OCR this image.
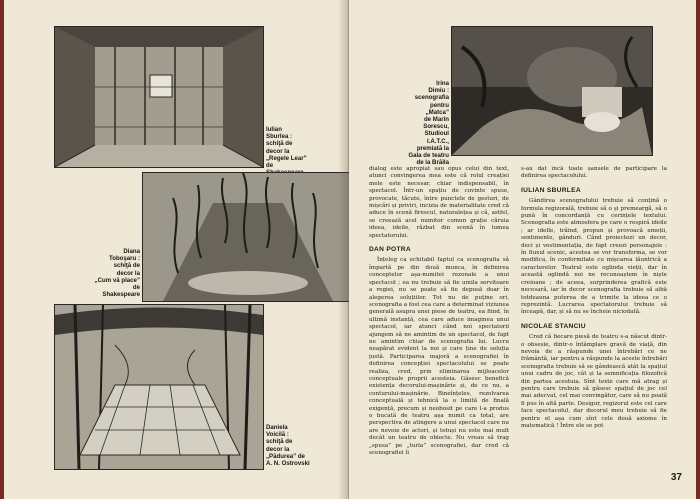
Iulian
Sburlea :
schiţă de
decor la
„Regele Lear”
de
Diana
Toboşaru :
schiţă de
decor la
„Cum vă place”
de
Shakespeare
Daniela
Voicilă :
schiţă de
decor la
„Pădurea” de
A. N. Ostrovski
Irina
Dimiu :
scenografia
pentru
„Matca”
de Marin
Sorescu,
Studioul
I.A.T.C.,
premiată la
Gala de teatru
de la Brăila

dialog este apropiat sau opus celui din text, atunci convingerea mea este că rolul creației mele este necesar, chiar indispensabil, în spectacol. Într-un spațiu de cuvinte spuse, provocate, tăcute, între punctele de gesturi, de mișcări și priviri, inciziа de materialitate cred că aduce în scenă firescul, naturalețea și că, astfel, se creează acel numitor comun grație căruia ideea, ideile, răzbat din scenă în lumea spectatorului.

DAN POTRA

Înțeleg ca echitabil faptul ca scenografia să împartă pe din două munca, în definirea conceptelor așa-numitei rezonale a unui spectacol ; ea nu trebuie să fie umila servitoare a regiei, nu se poate să fie depusă doar în alegerea soluțiilor. Tot nu de puține ori, scenografia a fost cea care a determinat viziunea generală asupra unei piese de teatru, ea fiind, în ultimă instanță, cea care aduce imaginea unui spectacol, iar atunci când noi spectatorii ajungem să ne amintim de un spectacol, de fapt ne amintim chiar de scenografia lui. Lucru neapărat evident la noi și care ține de soluția justă. Participarea majoră a scenografiei în definirea concepției spectacolului se poate realiza, cred, prin eliminarea mijloacelor conceptuale proprii acesteia. Găsesc benefică existența decorului-mașinărie și, de ce nu, a conturului-mașinărie. Bineînțeles, rezolvarea conceptuală și tehnică la o limită de finală exigență, precum și neobosit pe care l-a produs o bucată de teatru așa numit ca total, are perspectiva de atingere a unui spectacol care nu are nevoie de actori, și totuși nu este mai mult decât un teatru de obiecte. Nu vreau să trag „spusa” pe „turla” scenografiei, dar cred că scenografiei îi

s-au dat încă toate șansele de participare la definirea spectacolului.

IULIAN SBURLEA

Gândirea scenografului trebuie să conțină o formula regizorală, trebuie să o și premeargă, să o pună în concordanță cu cerințele textului. Scenografia este atmosfera pe care o respiră ideile ; ar idelle, trăind, propun și provoacă emoții, sentimente, gânduri. Când proiectezi un decor, deci și vestimentația, de fapt creezi personajele : în fluxul scenic, acestea se vor transforma, se vor modifica, în conformitate cu mișcarea lăuntrică a caracterelor. Teatrul este oglinda vieții, dar în această oglindă noi ne recunoaștem în niște creioane ; de aceea, surprinderea grafică este necesară, iar în decor scenografia trebuie să aibă totdeauna puterea de a trimite la ideea ce o reprezintă. Lucrarea spectatorului trebuie să înceapă, dar, și să nu se încheie niciodată.

NICOLAE STANCIU

Cred că fiecare piesă de teatru s-a născut dintr-o obsesie, dintr-o întâmplare gravă de viață, din nevoia de a răspunde unei întrebări ce ne frământă, iar pentru a răspunde la aceste întrebări scenografia trebuie să se gândească atât la spațiul unui cadru de joc, cât și la semnificația filozofică din partea acestuia. Sînt texte care mă atrag și pentru care trebuie să găsesc spațiul de joc cel mai adecvat, cel mai convingător, care să nu poată fi pus în altă parte. Desigur, regizorul este cel care face spectacolul, dar decorul meu trebuie să fie pentru el așa cum sînt cele două axiome în matematică ! Între ele se pot

37
